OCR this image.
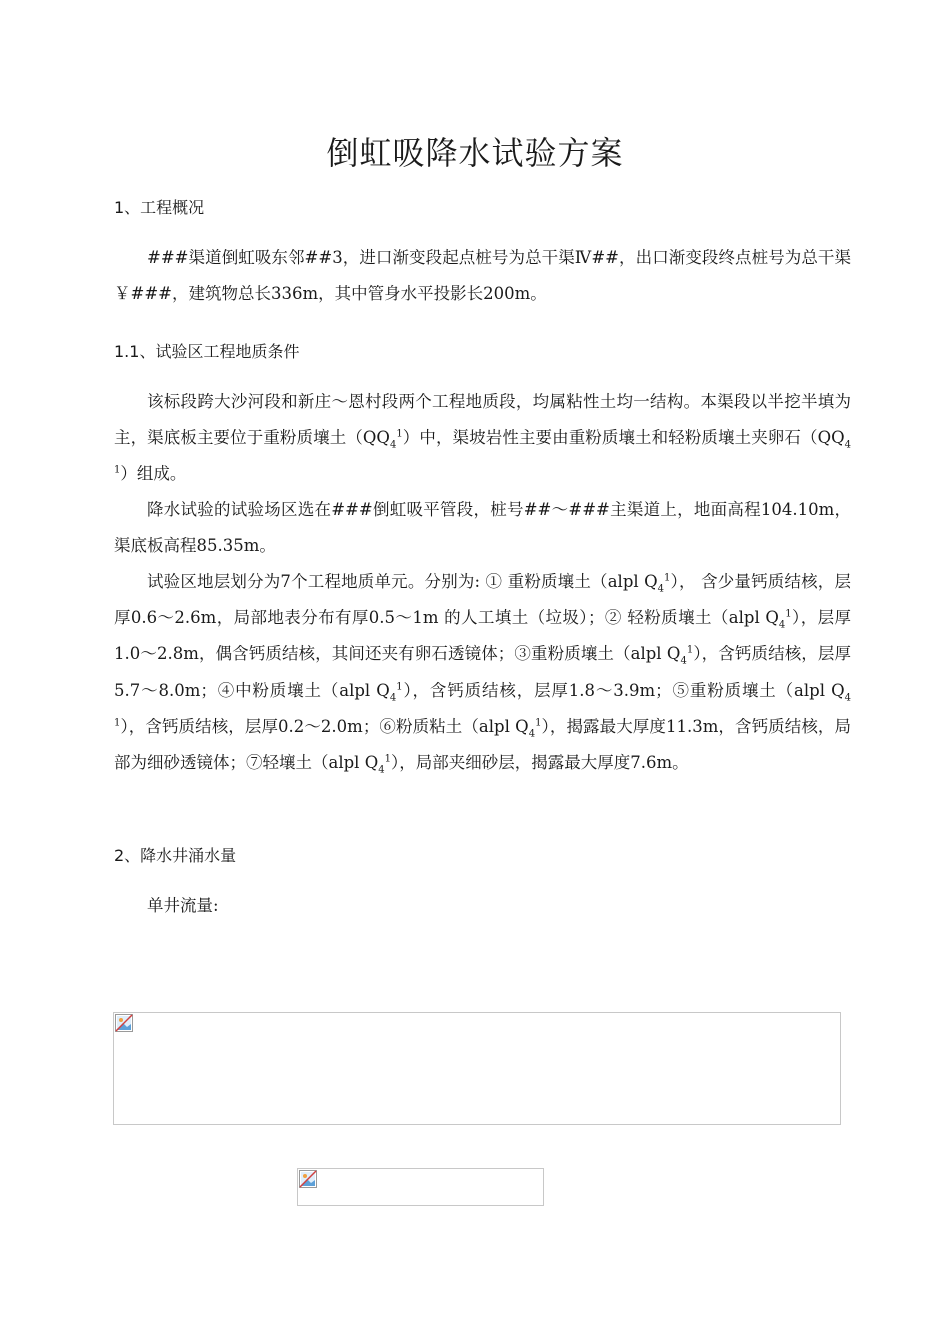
倒虹吸降水试验方案
1、工程概况

###渠道倒虹吸东邻##3，进口渐变段起点桩号为总干渠Ⅳ##，出口渐变段终点桩号为总干渠￥###，建筑物总长336m，其中管身水平投影长200m。

1.1、试验区工程地质条件

该标段跨大沙河段和新庄～恩村段两个工程地质段，均属粘性土均一结构。本渠段以半挖半填为主，渠底板主要位于重粉质壤土$(QQ_4^1)$中，渠坡岩性主要由重粉质壤土和轻粉质壤土夹卵石$(QQ_4^1)$组成。

降水试验的试验场区选在###倒虹吸平管段，桩号##～###主渠道上，地面高程104.10m，渠底板高程85.35m。

试验区地层划分为7个工程地质单元。分别为: ① 重粉质壤土（alpl $Q_4^1$）， 含少量钙质结核，层厚0.6～2.6m，局部地表分布有厚0.5～1m 的人工填土（垃圾）；② 轻粉质壤土（alpl $Q_4^1$），层厚1.0～2.8m，偶含钙质结核，其间还夹有卵石透镜体；③重粉质壤土（alpl $Q_4^1$），含钙质结核，层厚5.7～8.0m；④中粉质壤土（alpl $Q_4^1$），含钙质结核，层厚1.8～3.9m；⑤重粉质壤土（alpl $Q_4^1$），含钙质结核，层厚0.2～2.0m；⑥粉质粘土（alpl $Q_4^1$），揭露最大厚度11.3m，含钙质结核，局部为细砂透镜体；⑦轻壤土（alpl $Q_4^1$），局部夹细砂层，揭露最大厚度7.6m。

2、降水井涌水量

单井流量:
